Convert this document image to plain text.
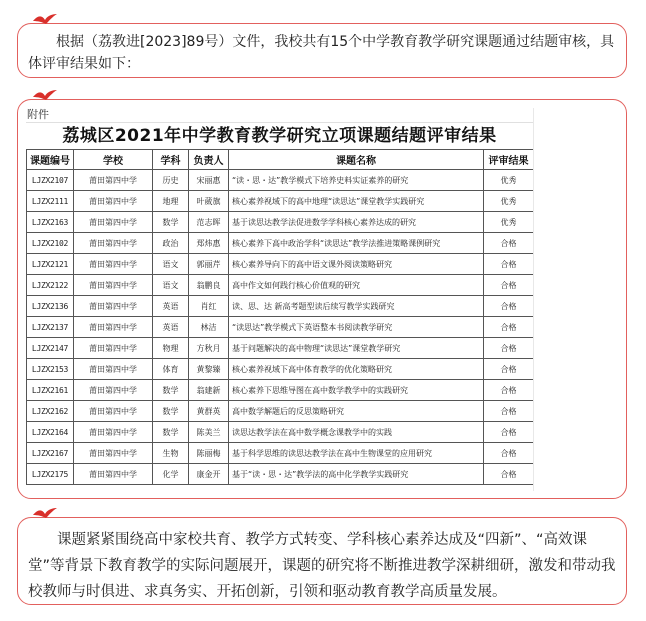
根据（荔教进[2023]89号）文件，我校共有15个中学教育教学研究课题通过结题审核，具体评审结果如下：

附件
荔城区2021年中学教育教学研究立项课题结题评审结果
课题编号	学校	学科	负责人	课题名称	评审结果
LJZX2107	莆田第四中学	历史	宋丽惠	“读・思・达”教学模式下培养史料实证素养的研究	优秀
LJZX2111	莆田第四中学	地理	叶葳旗	核心素养视域下的高中地理“读思达”课堂教学实践研究	优秀
LJZX2163	莆田第四中学	数学	范志晖	基于读思达教学法促进数学学科核心素养达成的研究	优秀
LJZX2102	莆田第四中学	政治	郑炜惠	核心素养下高中政治学科“读思达”教学法推进策略课例研究	合格
LJZX2121	莆田第四中学	语文	郭丽芹	核心素养导向下的高中语文课外阅读策略研究	合格
LJZX2122	莆田第四中学	语文	翁鹏良	高中作文如何践行核心价值观的研究	合格
LJZX2136	莆田第四中学	英语	肖红	读、思、达 新高考题型读后续写教学实践研究	合格
LJZX2137	莆田第四中学	英语	林洁	“读思达”教学模式下英语整本书阅读教学研究	合格
LJZX2147	莆田第四中学	物理	方秋月	基于问题解决的高中物理“读思达”课堂教学研究	合格
LJZX2153	莆田第四中学	体育	黄黎臻	核心素养视域下高中体育教学的优化策略研究	合格
LJZX2161	莆田第四中学	数学	翁建新	核心素养下思维导图在高中数学教学中的实践研究	合格
LJZX2162	莆田第四中学	数学	黄群英	高中数学解题后的反思策略研究	合格
LJZX2164	莆田第四中学	数学	陈美兰	读思达教学法在高中数学概念课教学中的实践	合格
LJZX2167	莆田第四中学	生物	陈丽梅	基于科学思维的读思达教学法在高中生物课堂的应用研究	合格
LJZX2175	莆田第四中学	化学	康金开	基于“读・思・达”教学法的高中化学教学实践研究	合格

课题紧紧围绕高中家校共育、教学方式转变、学科核心素养达成及“四新”、“高效课堂”等背景下教育教学的实际问题展开，课题的研究将不断推进教学深耕细研，激发和带动我校教师与时俱进、求真务实、开拓创新，引领和驱动教育教学高质量发展。
